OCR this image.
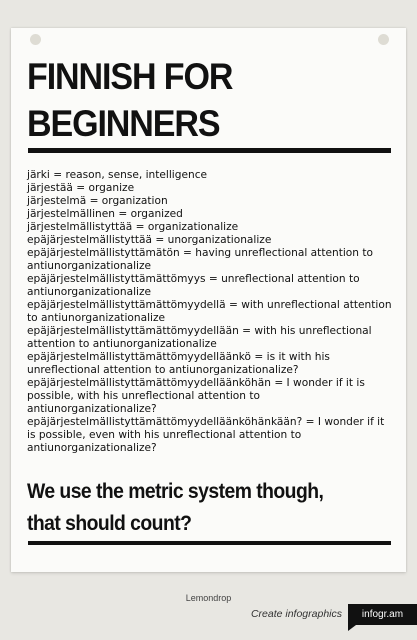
FINNISH FOR
BEGINNERS
järki = reason, sense, intelligence
järjestää = organize
järjestelmä = organization
järjestelmällinen = organized
järjestelmällistyttää = organizationalize
epäjärjestelmällistyttää = unorganizationalize
epäjärjestelmällistyttämätön = having unreflectional attention to
antiunorganizationalize
epäjärjestelmällistyttämättömyys = unreflectional attention to
antiunorganizationalize
epäjärjestelmällistyttämättömyydellä = with unreflectional attention
to antiunorganizationalize
epäjärjestelmällistyttämättömyydellään = with his unreflectional
attention to antiunorganizationalize
epäjärjestelmällistyttämättömyydelläänkö = is it with his
unreflectional attention to antiunorganizationalize?
epäjärjestelmällistyttämättömyydelläänköhän = I wonder if it is
possible, with his unreflectional attention to
antiunorganizationalize?
epäjärjestelmällistyttämättömyydelläänköhänkään? = I wonder if it
is possible, even with his unreflectional attention to
antiunorganizationalize?
We use the metric system though,
that should count?
Lemondrop
Create infographics	infogr.am
